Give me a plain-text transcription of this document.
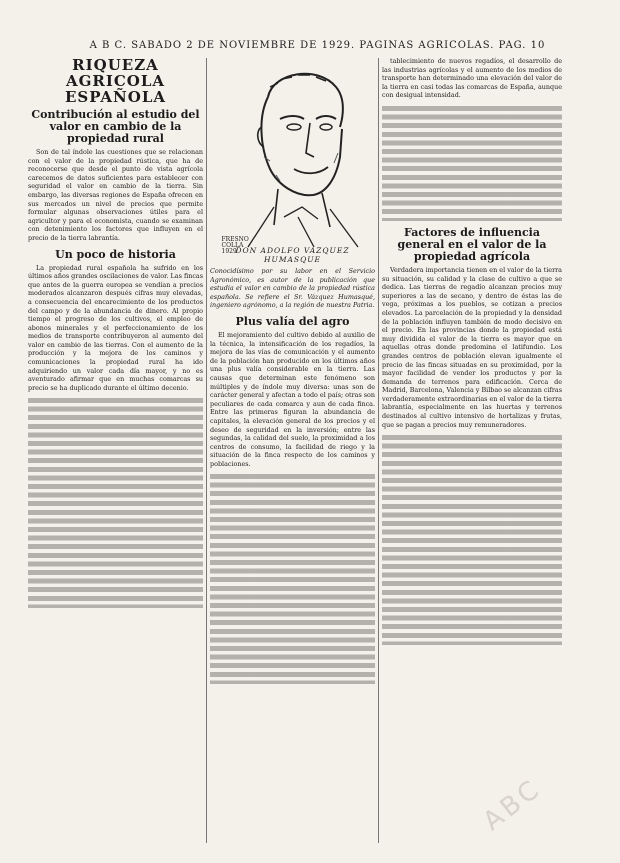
A B C. SABADO 2 DE NOVIEMBRE DE 1929. PAGINAS AGRICOLAS. PAG. 10
RIQUEZA AGRICOLA ESPAÑOLA
Contribución al estudio del valor en cambio de la propiedad rural

Son de tal índole las cuestiones que se relacionan con el valor de la propiedad rústica, que ha de reconocerse que desde el punto de vista agrícola carecemos de datos suficientes para establecer con seguridad el valor en cambio de la tierra. Sin embargo, las diversas regiones de España ofrecen en sus mercados un nivel de precios que permite formular algunas observaciones útiles para el agricultor y para el economista, cuando se examinan con detenimiento los factores que influyen en el precio de la tierra labrantía.

Un poco de historia

La propiedad rural española ha sufrido en los últimos años grandes oscilaciones de valor. Las fincas que antes de la guerra europea se vendían a precios moderados alcanzaron después cifras muy elevadas, a consecuencia del encarecimiento de los productos del campo y de la abundancia de dinero. Al propio tiempo el progreso de los cultivos, el empleo de abonos minerales y el perfeccionamiento de los medios de transporte contribuyeron al aumento del valor en cambio de las tierras. Con el aumento de la producción y la mejora de los caminos y comunicaciones la propiedad rural ha ido adquiriendo un valor cada día mayor, y no es aventurado afirmar que en muchas comarcas su precio se ha duplicado durante el último decenio.

FRESNO
COLLA
1929
DON ADOLFO VAZQUEZ HUMASQUE
Conocidísimo por su labor en el Servicio Agronómico, es autor de la publicación que estudia el valor en cambio de la propiedad rústica española. Se refiere el Sr. Vázquez Humasqué, ingeniero agrónomo, a la región de nuestra Patria.
Plus valía del agro

El mejoramiento del cultivo debido al auxilio de la técnica, la intensificación de los regadíos, la mejora de las vías de comunicación y el aumento de la población han producido en los últimos años una plus valía considerable en la tierra. Las causas que determinan este fenómeno son múltiples y de índole muy diversa: unas son de carácter general y afectan a todo el país; otras son peculiares de cada comarca y aun de cada finca. Entre las primeras figuran la abundancia de capitales, la elevación general de los precios y el deseo de seguridad en la inversión; entre las segundas, la calidad del suelo, la proximidad a los centros de consumo, la facilidad de riego y la situación de la finca respecto de los caminos y poblaciones.

tablecimiento de nuevos regadíos, el desarrollo de las industrias agrícolas y el aumento de los medios de transporte han determinado una elevación del valor de la tierra en casi todas las comarcas de España, aunque con desigual intensidad.

Factores de influencia general en el valor de la propiedad agrícola

Verdadera importancia tienen en el valor de la tierra su situación, su calidad y la clase de cultivo a que se dedica. Las tierras de regadío alcanzan precios muy superiores a las de secano, y dentro de éstas las de vega, próximas a los pueblos, se cotizan a precios elevados. La parcelación de la propiedad y la densidad de la población influyen también de modo decisivo en el precio. En las provincias donde la propiedad está muy dividida el valor de la tierra es mayor que en aquellas otras donde predomina el latifundio. Los grandes centros de población elevan igualmente el precio de las fincas situadas en su proximidad, por la mayor facilidad de vender los productos y por la demanda de terrenos para edificación. Cerca de Madrid, Barcelona, Valencia y Bilbao se alcanzan cifras verdaderamente extraordinarias en el valor de la tierra labrantía, especialmente en las huertas y terrenos destinados al cultivo intensivo de hortalizas y frutas, que se pagan a precios muy remuneradores.

ABC
